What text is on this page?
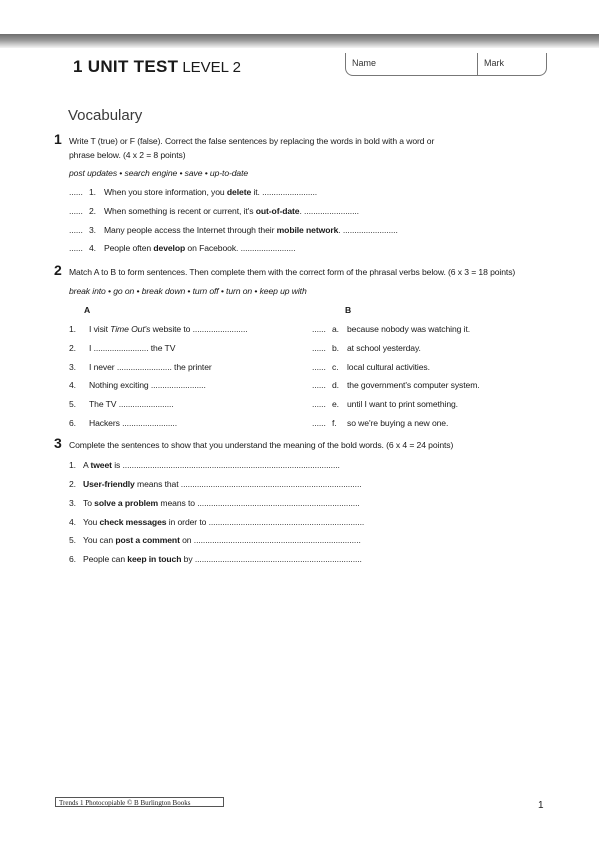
1 UNIT TEST LEVEL 2	Name	Mark
Vocabulary
1 Write T (true) or F (false). Correct the false sentences by replacing the words in bold with a word or
phrase below. (4 x 2 = 8 points)
post updates • search engine • save • up-to-date
...... 1. When you store information, you delete it. ........................
...... 2. When something is recent or current, it's out-of-date. ........................
...... 3. Many people access the Internet through their mobile network. ........................
...... 4. People often develop on Facebook. ........................
2 Match A to B to form sentences. Then complete them with the correct form of the phrasal verbs below. (6 x 3 = 18 points)
break into • go on • break down • turn off • turn on • keep up with
A	B
1. I visit Time Out's website to ........................	...... a. because nobody was watching it.
2. I ........................ the TV	...... b. at school yesterday.
3. I never ........................ the printer	...... c. local cultural activities.
4. Nothing exciting ........................	...... d. the government's computer system.
5. The TV ........................	...... e. until I want to print something.
6. Hackers ........................	...... f. so we're buying a new one.
3 Complete the sentences to show that you understand the meaning of the bold words. (6 x 4 = 24 points)
1. A tweet is ...............................................................................................
2. User-friendly means that ...............................................................................
3. To solve a problem means to .......................................................................
4. You check messages in order to ....................................................................
5. You can post a comment on .........................................................................
6. People can keep in touch by .........................................................................
Trends 1 Photocopiable © B Burlington Books	1
